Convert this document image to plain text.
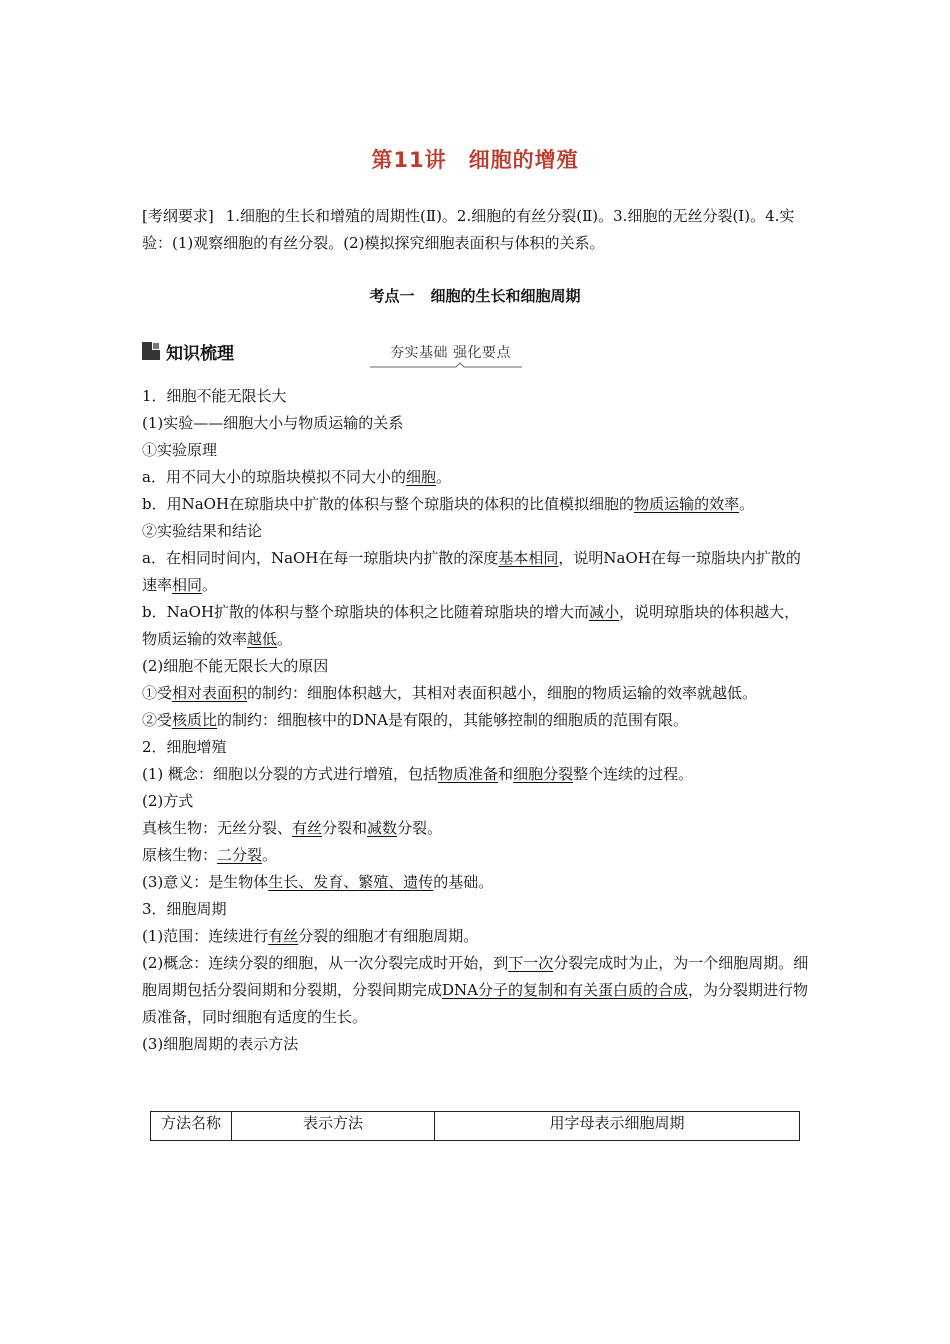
第11讲 细胞的增殖
[考纲要求] 1.细胞的生长和增殖的周期性(Ⅱ)。2.细胞的有丝分裂(Ⅱ)。3.细胞的无丝分裂(Ⅰ)。4.实验：(1)观察细胞的有丝分裂。(2)模拟探究细胞表面积与体积的关系。
考点一 细胞的生长和细胞周期
知识梳理	夯实基础 强化要点

1．细胞不能无限长大

(1)实验——细胞大小与物质运输的关系

①实验原理

a．用不同大小的琼脂块模拟不同大小的细胞。

b．用NaOH在琼脂块中扩散的体积与整个琼脂块的体积的比值模拟细胞的物质运输的效率。

②实验结果和结论

a．在相同时间内，NaOH在每一琼脂块内扩散的深度基本相同，说明NaOH在每一琼脂块内扩散的速率相同。

b．NaOH扩散的体积与整个琼脂块的体积之比随着琼脂块的增大而减小，说明琼脂块的体积越大，物质运输的效率越低。

(2)细胞不能无限长大的原因

①受相对表面积的制约：细胞体积越大，其相对表面积越小，细胞的物质运输的效率就越低。

②受核质比的制约：细胞核中的DNA是有限的，其能够控制的细胞质的范围有限。

2．细胞增殖

(1) 概念：细胞以分裂的方式进行增殖，包括物质准备和细胞分裂整个连续的过程。

(2)方式

真核生物：无丝分裂、有丝分裂和减数分裂。

原核生物：二分裂。

(3)意义：是生物体生长、发育、繁殖、遗传的基础。

3．细胞周期

(1)范围：连续进行有丝分裂的细胞才有细胞周期。

(2)概念：连续分裂的细胞，从一次分裂完成时开始，到下一次分裂完成时为止，为一个细胞周期。细胞周期包括分裂间期和分裂期，分裂间期完成DNA分子的复制和有关蛋白质的合成，为分裂期进行物质准备，同时细胞有适度的生长。

(3)细胞周期的表示方法

方法名称	表示方法	用字母表示细胞周期
